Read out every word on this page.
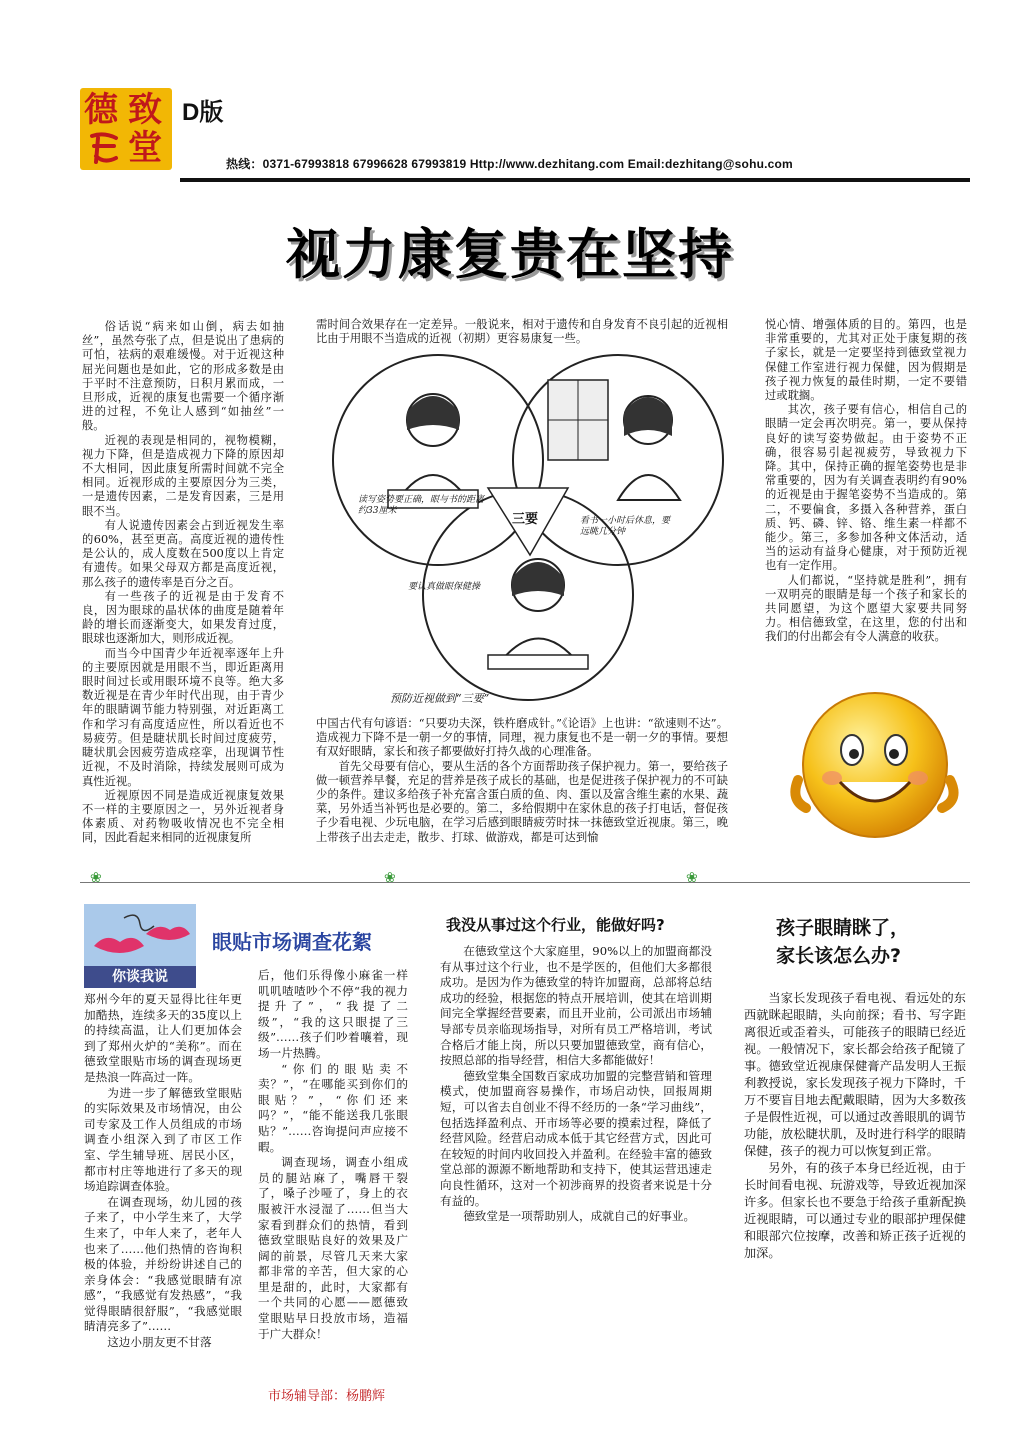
德 致
堂
D版
热线：0371-67993818 67996628 67993819 Http://www.dezhitang.com Email:dezhitang@sohu.com
视力康复贵在坚持

俗话说“病来如山倒，病去如抽丝”，虽然夸张了点，但是说出了患病的可怕，祛病的艰难缓慢。对于近视这种屈光问题也是如此，它的形成多数是由于平时不注意预防，日积月累而成，一旦形成，近视的康复也需要一个循序渐进的过程，不免让人感到“如抽丝”一般。

近视的表现是相同的，视物模糊，视力下降，但是造成视力下降的原因却不大相同，因此康复所需时间就不完全相同。近视形成的主要原因分为三类，一是遗传因素，二是发育因素，三是用眼不当。

有人说遗传因素会占到近视发生率的60%，甚至更高。高度近视的遗传性是公认的，成人度数在500度以上肯定有遗传。如果父母双方都是高度近视，那么孩子的遗传率是百分之百。

有一些孩子的近视是由于发育不良，因为眼球的晶状体的曲度是随着年龄的增长而逐渐变大，如果发育过度，眼球也逐渐加大，则形成近视。

而当今中国青少年近视率逐年上升的主要原因就是用眼不当，即近距离用眼时间过长或用眼环境不良等。绝大多数近视是在青少年时代出现，由于青少年的眼睛调节能力特别强，对近距离工作和学习有高度适应性，所以看近也不易疲劳。但是睫状肌长时间过度疲劳，睫状肌会因疲劳造成痉挛，出现调节性近视，不及时消除，持续发展则可成为真性近视。

近视原因不同是造成近视康复效果不一样的主要原因之一，另外近视者身体素质、对药物吸收情况也不完全相同，因此看起来相同的近视康复所

需时间合效果存在一定差异。一般说来，相对于遗传和自身发育不良引起的近视相比由于用眼不当造成的近视（初期）更容易康复一些。

三要
读写姿势要正确，眼与书的距离约33厘米
看书一小时后休息，要远眺几分钟
要认真做眼保健操
预防近视做到“三要”

中国古代有句谚语：“只要功夫深，铁杵磨成针。”《论语》上也讲：“欲速则不达”。造成视力下降不是一朝一夕的事情，同理，视力康复也不是一朝一夕的事情。要想有双好眼睛，家长和孩子都要做好打持久战的心理准备。

首先父母要有信心，要从生活的各个方面帮助孩子保护视力。第一，要给孩子做一顿营养早餐，充足的营养是孩子成长的基础，也是促进孩子保护视力的不可缺少的条件。建议多给孩子补充富含蛋白质的鱼、肉、蛋以及富含维生素的水果、蔬菜，另外适当补钙也是必要的。第二，多给假期中在家休息的孩子打电话，督促孩子少看电视、少玩电脑，在学习后感到眼睛疲劳时抹一抹德致堂近视康。第三，晚上带孩子出去走走，散步、打球、做游戏，都是可达到愉

悦心情、增强体质的目的。第四，也是非常重要的，尤其对正处于康复期的孩子家长，就是一定要坚持到德致堂视力保健工作室进行视力保健，因为假期是孩子视力恢复的最佳时期，一定不要错过或耽搁。

其次，孩子要有信心，相信自己的眼睛一定会再次明亮。第一，要从保持良好的读写姿势做起。由于姿势不正确，很容易引起视疲劳，导致视力下降。其中，保持正确的握笔姿势也是非常重要的，因为有关调查表明约有90%的近视是由于握笔姿势不当造成的。第二，不要偏食，多摄入各种营养，蛋白质、钙、磷、锌、铬、维生素一样都不能少。第三，多参加各种文体活动，适当的运动有益身心健康，对于预防近视也有一定作用。

人们都说，“坚持就是胜利”，拥有一双明亮的眼睛是每一个孩子和家长的共同愿望，为这个愿望大家要共同努力。相信德致堂，在这里，您的付出和我们的付出都会有令人满意的收获。

❀	❀	❀
你谈我说
眼贴市场调查花絮

郑州今年的夏天显得比往年更加酷热，连续多天的35度以上的持续高温，让人们更加体会到了郑州火炉的“美称”。而在德致堂眼贴市场的调查现场更是热浪一阵高过一阵。

为进一步了解德致堂眼贴的实际效果及市场情况，由公司专家及工作人员组成的市场调查小组深入到了市区工作室、学生辅导班、居民小区，都市村庄等地进行了多天的现场追踪调查体验。

在调查现场，幼儿园的孩子来了，中小学生来了，大学生来了，中年人来了，老年人也来了……他们热情的咨询积极的体验，并纷纷讲述自己的亲身体会：“我感觉眼睛有凉感”，“我感觉有发热感”，“我觉得眼睛很舒服”，“我感觉眼睛清亮多了”……

这边小朋友更不甘落

后，他们乐得像小麻雀一样叽叽喳喳吵个不停“我的视力提升了”，“我提了二级”，“我的这只眼提了三级”……孩子们吵着嚷着，现场一片热腾。

“你们的眼贴卖不卖？”，“在哪能买到你们的眼贴？”，“你们还来吗？”，“能不能送我几张眼贴？”……咨询提问声应接不暇。

调查现场，调查小组成员的腿站麻了，嘴唇干裂了，嗓子沙哑了，身上的衣服被汗水浸湿了……但当大家看到群众们的热情，看到德致堂眼贴良好的效果及广阔的前景，尽管几天来大家都非常的辛苦，但大家的心里是甜的，此时，大家都有一个共同的心愿——愿德致堂眼贴早日投放市场，造福于广大群众！

市场辅导部：杨鹏辉
我没从事过这个行业，能做好吗?

在德致堂这个大家庭里，90%以上的加盟商都没有从事过这个行业，也不是学医的，但他们大多都很成功。是因为作为德致堂的特许加盟商，总部将总结成功的经验，根据您的特点开展培训，使其在培训期间完全掌握经营要素，而且开业前，公司派出市场辅导部专员亲临现场指导，对所有员工严格培训，考试合格后才能上岗，所以只要加盟德致堂，商有信心，按照总部的指导经营，相信大多都能做好！

德致堂集全国数百家成功加盟的完整营销和管理模式，使加盟商容易操作，市场启动快，回报周期短，可以省去自创业不得不经历的一条“学习曲线”，包括选择盈利点、开市场等必要的摸索过程，降低了经营风险。经营启动成本低于其它经营方式，因此可在较短的时间内收回投入并盈利。在经验丰富的德致堂总部的源源不断地帮助和支持下，使其运营迅速走向良性循环，这对一个初涉商界的投资者来说是十分有益的。

德致堂是一项帮助别人，成就自己的好事业。

孩子眼睛眯了，
家长该怎么办?

当家长发现孩子看电视、看远处的东西就眯起眼睛，头向前探；看书、写字距离很近或歪着头，可能孩子的眼睛已经近视。一般情况下，家长都会给孩子配镜了事。德致堂近视康保健膏产品发明人王振利教授说，家长发现孩子视力下降时，千万不要盲目地去配戴眼睛，因为大多数孩子是假性近视，可以通过改善眼肌的调节功能，放松睫状肌，及时进行科学的眼睛保健，孩子的视力可以恢复到正常。

另外，有的孩子本身已经近视，由于长时间看电视、玩游戏等，导致近视加深许多。但家长也不要急于给孩子重新配换近视眼睛，可以通过专业的眼部护理保健和眼部穴位按摩，改善和矫正孩子近视的加深。
